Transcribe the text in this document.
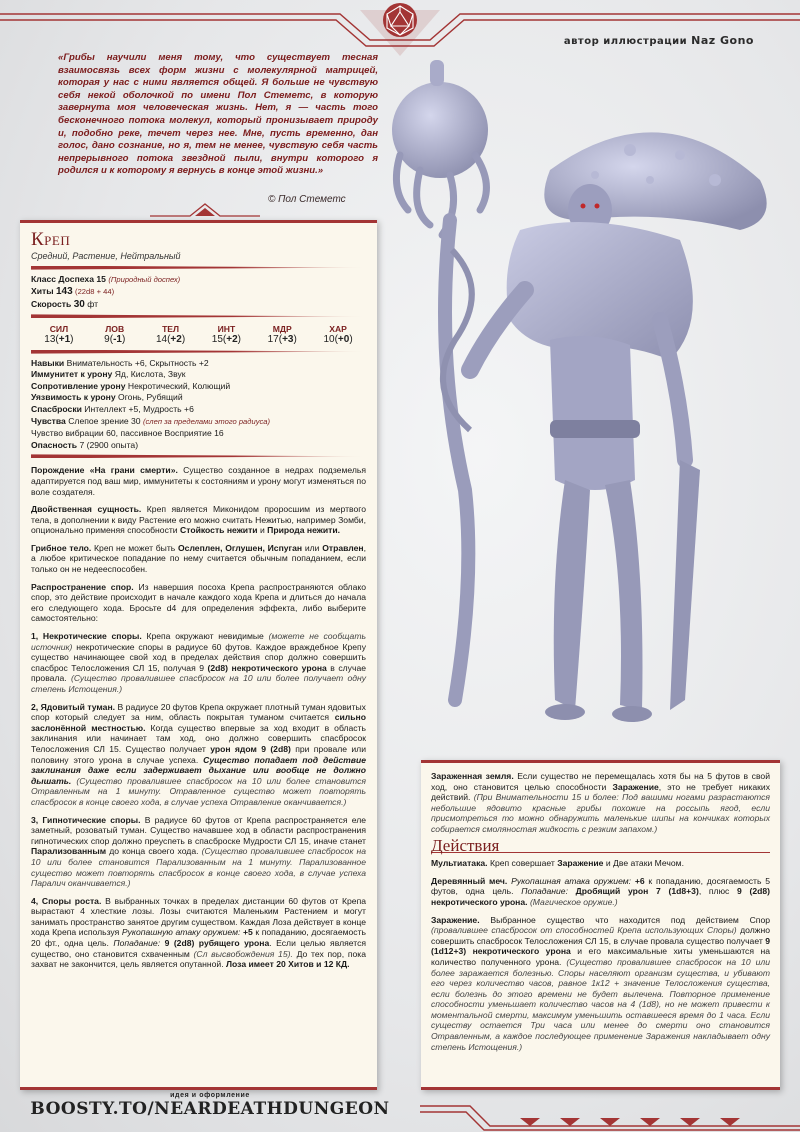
автор иллюстрации Naz Gono
«Грибы научили меня тому, что существует тесная взаимосвязь всех форм жизни с молекулярной матрицей, которая у нас с ними является общей. Я больше не чувствую себя некой оболочкой по имени Пол Стеметс, в которую завернута моя человеческая жизнь. Нет, я — часть того бесконечного потока молекул, который пронизывает природу и, подобно реке, течет через нее. Мне, пусть временно, дан голос, дано сознание, но я, тем не менее, чувствую себя часть непрерывного потока звездной пыли, внутри которого я родился и к которому я вернусь в конце этой жизни.»
© Пол Стеметс
Креп
Средний, Растение, Нейтральный
Класс Доспеха 15 (Природный доспех)
Хиты 143 (22d8 + 44)
Скорость 30 фт
СИЛ
13(+1)
ЛОВ
9(-1)
ТЕЛ
14(+2)
ИНТ
15(+2)
МДР
17(+3)
ХАР
10(+0)
Навыки Внимательность +6, Скрытность +2
Иммунитет к урону Яд, Кислота, Звук
Сопротивление урону Некротический, Колющий
Уязвимость к урону Огонь, Рубящий
Спасброски Интеллект +5, Мудрость +6
Чувства Слепое зрение 30 (слеп за пределами этого радиуса)
Чувство вибрации 60, пассивное Восприятие 16
Опасность 7 (2900 опыта)
Порождение «На грани смерти». Существо созданное в недрах подземелья адаптируется под ваш мир, иммунитеты к состояниям и урону могут изменяться по воле создателя.
Двойственная сущность. Креп является Миконидом проросшим из мертвого тела, в дополнении к виду Растение его можно считать Нежитью, например Зомби, опционально применяя способности Стойкость нежити и Природа нежити.
Грибное тело. Креп не может быть Ослеплен, Оглушен, Испуган или Отравлен, а любое критическое попадание по нему считается обычным попаданием, если только он не недееспособен.
Распространение спор. Из навершия посоха Крепа распространяются облако спор, это действие происходит в начале каждого хода Крепа и длиться до начала его следующего хода. Бросьте d4 для определения эффекта, либо выберите самостоятельно:
1, Некротические споры. Крепа окружают невидимые (можете не сообщать источник) некротические споры в радиусе 60 футов. Каждое враждебное Крепу существо начинающее свой ход в пределах действия спор должно совершить спасброс Телосложения СЛ 15, получая 9 (2d8) некротического урона в случае провала. (Существо провалившее спасбросок на 10 или более получает одну степень Истощения.)
2, Ядовитый туман. В радиусе 20 футов Крепа окружает плотный туман ядовитых спор который следует за ним, область покрытая туманом считается сильно заслонённой местностью. Когда существо впервые за ход входит в область заклинания или начинает там ход, оно должно совершить спасбросок Телосложения СЛ 15. Существо получает урон ядом 9 (2d8) при провале или половину этого урона в случае успеха. Существо попадает под действие заклинания даже если задерживает дыхание или вообще не должно дышать. (Существо провалившее спасбросок на 10 или более становится Отравленным на 1 минуту. Отравленное существо может повторять спасбросок в конце своего хода, в случае успеха Отравление оканчивается.)
3, Гипнотические споры. В радиусе 60 футов от Крепа распространяется еле заметный, розоватый туман. Существо начавшее ход в области распространения гипнотических спор должно преуспеть в спасброске Мудрости СЛ 15, иначе станет Парализованным до конца своего хода. (Существо провалившее спасбросок на 10 или более становится Парализованным на 1 минуту. Парализованное существо может повторять спасбросок в конце своего хода, в случае успеха Паралич оканчивается.)
4, Споры роста. В выбранных точках в пределах дистанции 60 футов от Крепа вырастают 4 хлесткие лозы. Лозы считаются Маленьким Растением и могут занимать пространство занятое другим существом. Каждая Лоза действует в конце хода Крепа используя Рукопашную атаку оружием: +5 к попаданию, досягаемость 20 фт., одна цель. Попадание: 9 (2d8) рубящего урона. Если целью является существо, оно становится схваченным (Сл высвобождения 15). До тех пор, пока захват не закончится, цель является опутанной. Лоза имеет 20 Хитов и 12 КД.
Зараженная земля. Если существо не перемещалась хотя бы на 5 футов в свой ход, оно становится целью способности Заражение, это не требует никаких действий. (При Внимательности 15 и более: Под вашими ногами разрастаются небольшие ядовито красные грибы похожие на россыпь ягод, если присмотреться то можно обнаружить маленькие шипы на кончиках которых собирается смоляностая жидкость с резким запахом.)
Действия
Мультиатака. Креп совершает Заражение и Две атаки Мечом.
Деревянный меч. Рукопашная атака оружием: +6 к попаданию, досягаемость 5 футов, одна цель. Попадание: Дробящий урон 7 (1d8+3), плюс 9 (2d8) некротического урона. (Магическое оружие.)
Заражение. Выбранное существо что находится под действием Спор (провалившее спасбросок от способностей Крепа использующих Споры) должно совершить спасбросок Телосложения СЛ 15, в случае провала существо получает 9 (1d12+3) некротического урона и его максимальные хиты уменьшаются на количество полученного урона. (Существо провалившее спасбросок на 10 или более заражается болезнью. Споры населяют организм существа, и убивают его через количество часов, равное 1к12 + значение Телосложения существа, если болезнь до этого времени не будет вылечена. Повторное применение способности уменьшает количество часов на 4 (1d8), но не может привести к моментальной смерти, максимум уменьшить оставшееся время до 1 часа. Если существу остается Три часа или менее до смерти оно становится Отравленным, а каждое последующее применение Заражения накладывает одну степень Истощения.)
идея и оформление
BOOSTY.TO/NEARDEATHDUNGEON
